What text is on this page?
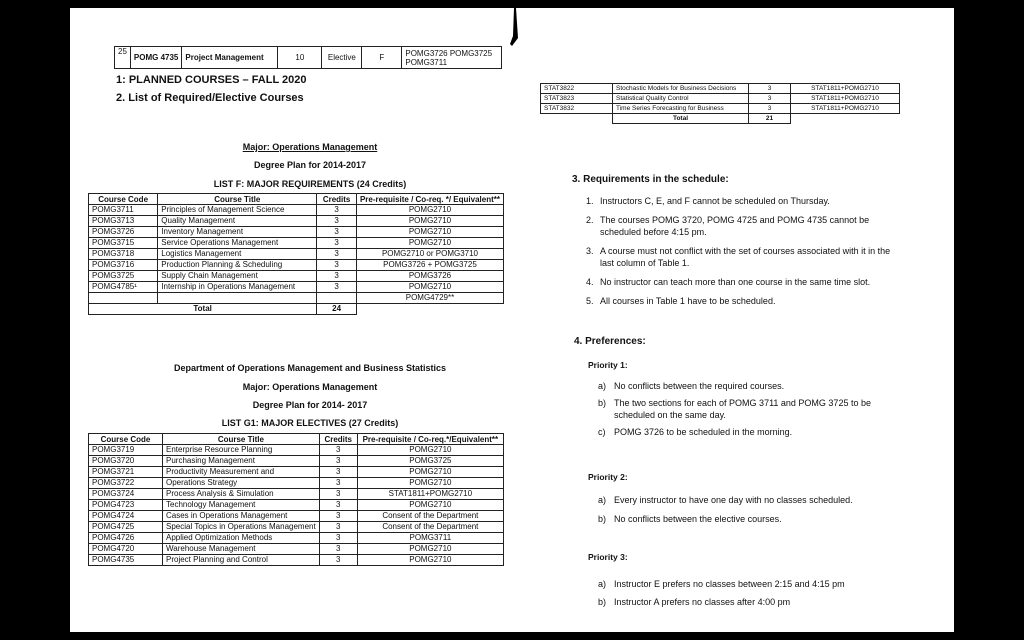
25	POMG 4735	Project Management	10	Elective	F	POMG3726 POMG3725 POMG3711
1: PLANNED COURSES – FALL 2020
2. List of Required/Elective Courses
Major: Operations Management
Degree Plan for 2014-2017
LIST F: MAJOR REQUIREMENTS (24 Credits)
Course Code	Course Title	Credits	Pre-requisite / Co-req. */ Equivalent**
POMG3711	Principles of Management Science	3	POMG2710
POMG3713	Quality Management	3	POMG2710
POMG3726	Inventory Management	3	POMG2710
POMG3715	Service Operations Management	3	POMG2710
POMG3718	Logistics Management	3	POMG2710 or POMG3710
POMG3716	Production Planning & Scheduling	3	POMG3726 + POMG3725
POMG3725	Supply Chain Management	3	POMG3726
POMG4785¹	Internship in Operations Management	3	POMG2710
			POMG4729**
Total		24	
Department of Operations Management and Business Statistics
Major: Operations Management
Degree Plan for 2014- 2017
LIST G1: MAJOR ELECTIVES (27 Credits)
Course Code	Course Title	Credits	Pre-requisite / Co-req.*/Equivalent**
POMG3719	Enterprise Resource Planning	3	POMG2710
POMG3720	Purchasing Management	3	POMG3725
POMG3721	Productivity Measurement and	3	POMG2710
POMG3722	Operations Strategy	3	POMG2710
POMG3724	Process Analysis & Simulation	3	STAT1811+POMG2710
POMG4723	Technology Management	3	POMG2710
POMG4724	Cases in Operations Management	3	Consent of the Department
POMG4725	Special Topics in Operations Management	3	Consent of the Department
POMG4726	Applied Optimization Methods	3	POMG3711
POMG4720	Warehouse Management	3	POMG2710
POMG4735	Project Planning and Control	3	POMG2710
STAT3822	Stochastic Models for Business Decisions	3	STAT1811+POMG2710
STAT3823	Statistical Quality Control	3	STAT1811+POMG2710
STAT3832	Time Series Forecasting for Business	3	STAT1811+POMG2710
	Total	21	
3. Requirements in the schedule:
1. Instructors C, E, and F cannot be scheduled on Thursday.
2. The courses POMG 3720, POMG 4725 and POMG 4735 cannot be scheduled before 4:15 pm.
3. A course must not conflict with the set of courses associated with it in the last column of Table 1.
4. No instructor can teach more than one course in the same time slot.
5. All courses in Table 1 have to be scheduled.
4. Preferences:
Priority 1:
a) No conflicts between the required courses.
b) The two sections for each of POMG 3711 and POMG 3725 to be scheduled on the same day.
c) POMG 3726 to be scheduled in the morning.
Priority 2:
a) Every instructor to have one day with no classes scheduled.
b) No conflicts between the elective courses.
Priority 3:
a) Instructor E prefers no classes between 2:15 and 4:15 pm
b) Instructor A prefers no classes after 4:00 pm
